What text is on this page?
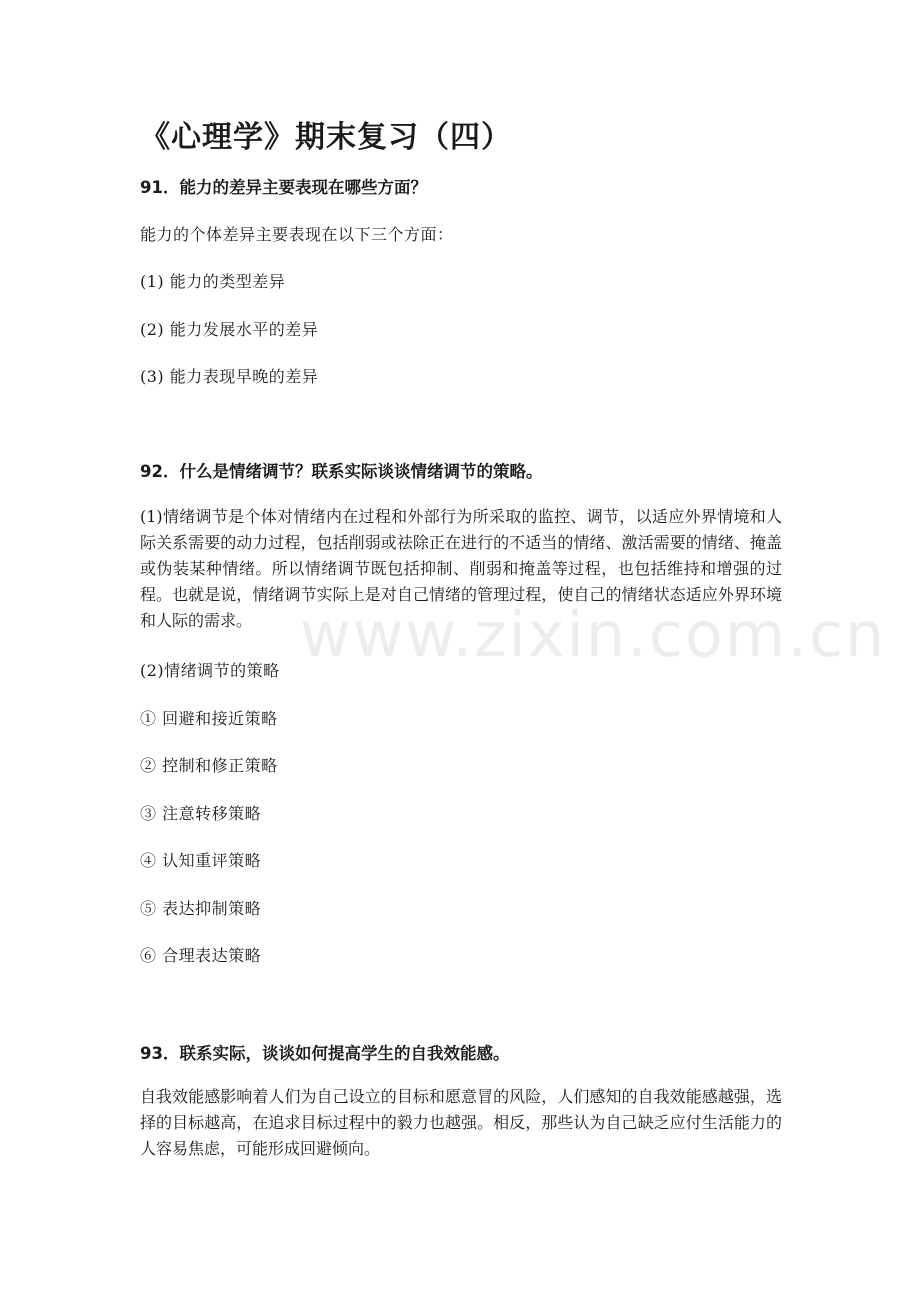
www.zixin.com.cn
《心理学》期末复习（四）
91．能力的差异主要表现在哪些方面？
能力的个体差异主要表现在以下三个方面：
(1) 能力的类型差异
(2) 能力发展水平的差异
(3) 能力表现早晚的差异
92．什么是情绪调节？联系实际谈谈情绪调节的策略。
(1)情绪调节是个体对情绪内在过程和外部行为所采取的监控、调节，以适应外界情境和人际关系需要的动力过程，包括削弱或祛除正在进行的不适当的情绪、激活需要的情绪、掩盖或伪装某种情绪。所以情绪调节既包括抑制、削弱和掩盖等过程，也包括维持和增强的过程。也就是说，情绪调节实际上是对自己情绪的管理过程，使自己的情绪状态适应外界环境和人际的需求。
(2)情绪调节的策略
① 回避和接近策略
② 控制和修正策略
③ 注意转移策略
④ 认知重评策略
⑤ 表达抑制策略
⑥ 合理表达策略
93．联系实际，谈谈如何提高学生的自我效能感。
自我效能感影响着人们为自己设立的目标和愿意冒的风险，人们感知的自我效能感越强，选择的目标越高，在追求目标过程中的毅力也越强。相反，那些认为自己缺乏应付生活能力的人容易焦虑，可能形成回避倾向。
